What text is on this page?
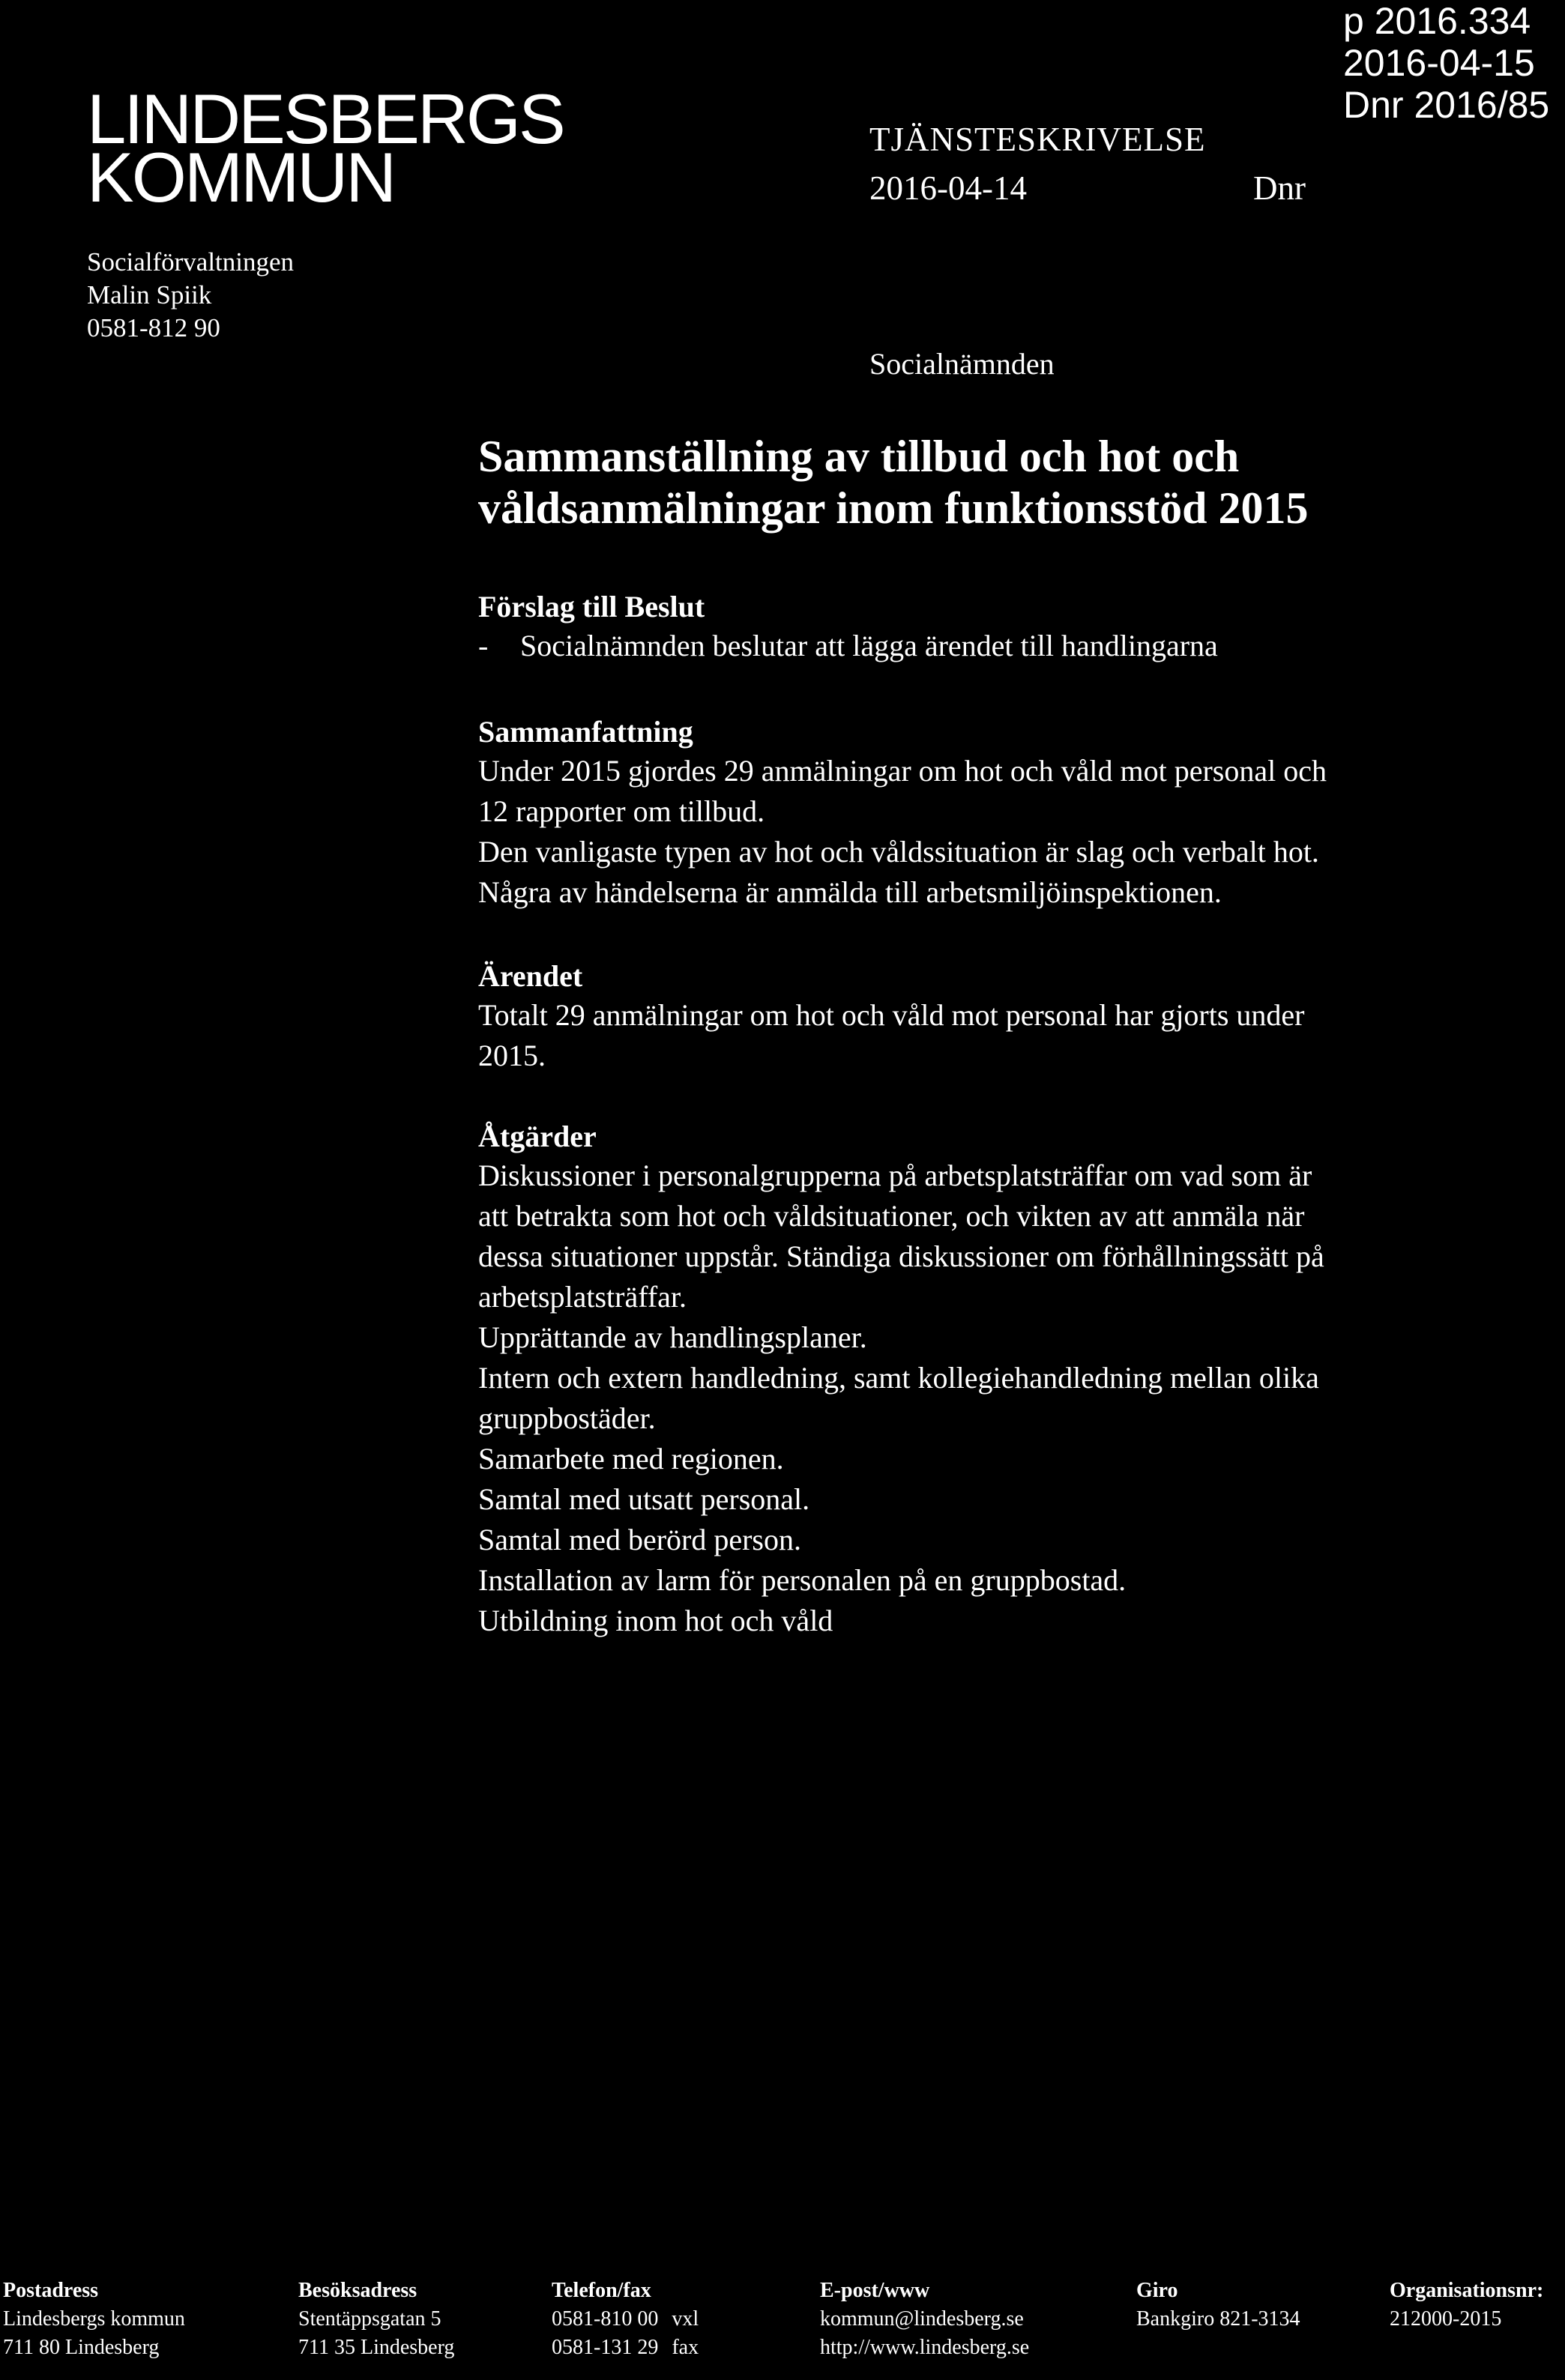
LINDESBERGS
KOMMUN
Socialförvaltningen
Malin Spiik
0581-812 90
TJÄNSTESKRIVELSE
2016-04-14	Dnr
p 2016.334
2016-04-15
Dnr 2016/85
Socialnämnden
Sammanställning av tillbud och hot och
våldsanmälningar inom funktionsstöd 2015
Förslag till Beslut
-	Socialnämnden beslutar att lägga ärendet till handlingarna
Sammanfattning

Under 2015 gjordes 29 anmälningar om hot och våld mot personal och

12 rapporter om tillbud.

Den vanligaste typen av hot och våldssituation är slag och verbalt hot.

Några av händelserna är anmälda till arbetsmiljöinspektionen.

Ärendet

Totalt 29 anmälningar om hot och våld mot personal har gjorts under

2015.

Åtgärder

Diskussioner i personalgrupperna på arbetsplatsträffar om vad som är

att betrakta som hot och våldsituationer, och vikten av att anmäla när

dessa situationer uppstår. Ständiga diskussioner om förhållningssätt på

arbetsplatsträffar.

Upprättande av handlingsplaner.

Intern och extern handledning, samt kollegiehandledning mellan olika

gruppbostäder.

Samarbete med regionen.

Samtal med utsatt personal.

Samtal med berörd person.

Installation av larm för personalen på en gruppbostad.

Utbildning inom hot och våld

Postadress
Lindesbergs kommun
711 80 Lindesberg
Besöksadress
Stentäppsgatan 5
711 35 Lindesberg
Telefon/fax
0581-810 00 vxl
0581-131 29 fax
E-post/www
kommun@lindesberg.se
http://www.lindesberg.se
Giro
Bankgiro 821-3134
Organisationsnr:
212000-2015
